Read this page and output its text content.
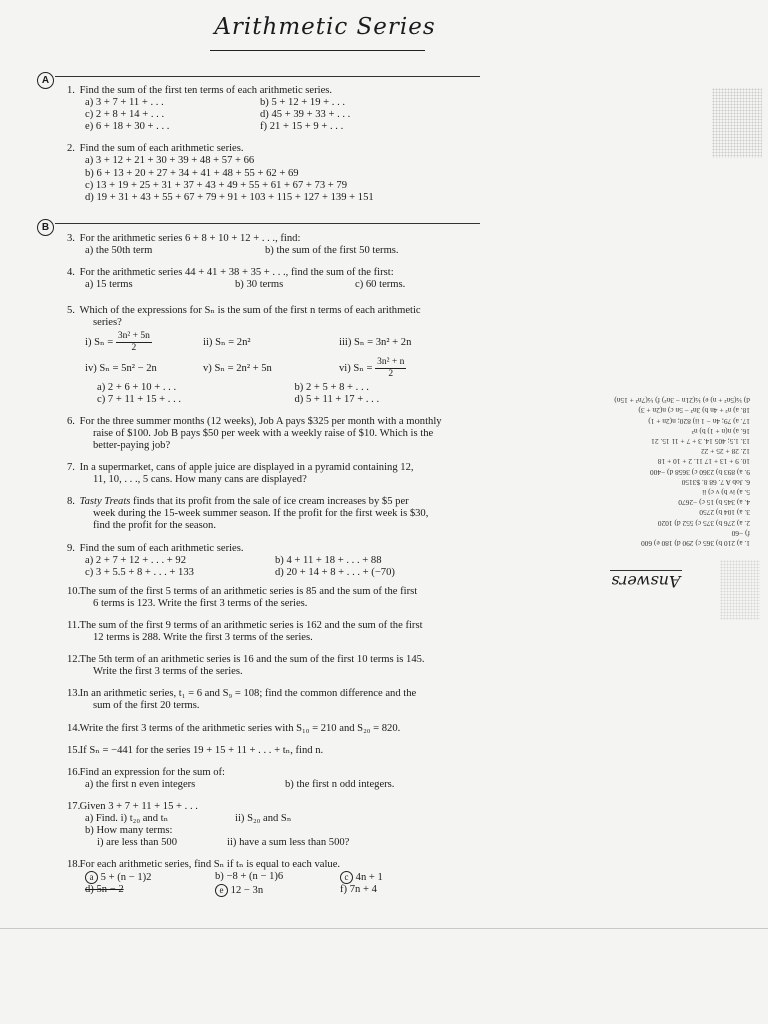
Arithmetic Series
A
1. Find the sum of the first ten terms of each arithmetic series.
a) 3 + 7 + 11 + . . .	b) 5 + 12 + 19 + . . .
c) 2 + 8 + 14 + . . .	d) 45 + 39 + 33 + . . .
e) 6 + 18 + 30 + . . .	f) 21 + 15 + 9 + . . .
2. Find the sum of each arithmetic series.
a) 3 + 12 + 21 + 30 + 39 + 48 + 57 + 66
b) 6 + 13 + 20 + 27 + 34 + 41 + 48 + 55 + 62 + 69
c) 13 + 19 + 25 + 31 + 37 + 43 + 49 + 55 + 61 + 67 + 73 + 79
d) 19 + 31 + 43 + 55 + 67 + 79 + 91 + 103 + 115 + 127 + 139 + 151
B
3. For the arithmetic series 6 + 8 + 10 + 12 + . . ., find:
a) the 50th term	b) the sum of the first 50 terms.
4. For the arithmetic series 44 + 41 + 38 + 35 + . . ., find the sum of the first:
a) 15 terms	b) 30 terms	c) 60 terms.
5. Which of the expressions for Sₙ is the sum of the first n terms of each arithmetic
series?
i) $S_n = \frac{\text{3n² + 5n}}{2}$	ii) Sₙ = 2n²	iii) Sₙ = 3n² + 2n
iv) Sₙ = 5n² − 2n	v) Sₙ = 2n² + 5n	vi) $S_n = \frac{\text{3n² + n}}{2}$
a) 2 + 6 + 10 + . . .	b) 2 + 5 + 8 + . . .
c) 7 + 11 + 15 + . . .	d) 5 + 11 + 17 + . . .
6. For the three summer months (12 weeks), Job A pays $325 per month with a monthly
raise of $100. Job B pays $50 per week with a weekly raise of $10. Which is the
better-paying job?
7. In a supermarket, cans of apple juice are displayed in a pyramid containing 12,
11, 10, . . ., 5 cans. How many cans are displayed?
8. Tasty Treats finds that its profit from the sale of ice cream increases by $5 per
week during the 15-week summer season. If the profit for the first week is $30,
find the profit for the season.
9. Find the sum of each arithmetic series.
a) 2 + 7 + 12 + . . . + 92	b) 4 + 11 + 18 + . . . + 88
c) 3 + 5.5 + 8 + . . . + 133	d) 20 + 14 + 8 + . . . + (−70)
10. The sum of the first 5 terms of an arithmetic series is 85 and the sum of the first
6 terms is 123. Write the first 3 terms of the series.
11. The sum of the first 9 terms of an arithmetic series is 162 and the sum of the first
12 terms is 288. Write the first 3 terms of the series.
12. The 5th term of an arithmetic series is 16 and the sum of the first 10 terms is 145.
Write the first 3 terms of the series.
13. In an arithmetic series, t₁ = 6 and S₉ = 108; find the common difference and the
sum of the first 20 terms.
14. Write the first 3 terms of the arithmetic series with S₁₀ = 210 and S₂₀ = 820.
15. If Sₙ = −441 for the series 19 + 15 + 11 + . . . + tₙ, find n.
16. Find an expression for the sum of:
a) the first n even integers	b) the first n odd integers.
17. Given 3 + 7 + 11 + 15 + . . .
a) Find. i) t₂₀ and tₙ	ii) S₂₀ and Sₙ
b) How many terms:
i) are less than 500	ii) have a sum less than 500?
18. For each arithmetic series, find Sₙ if tₙ is equal to each value.
a 5 + (n − 1)2	b) −8 + (n − 1)6	c 4n + 1
d) 5n − 2	e 12 − 3n	f) 7n + 4
1. a) 210 b) 365 c) 290 d) 180 e) 600
f) −60
2. a) 276 b) 375 c) 552 d) 1020
3. a) 104 b) 2750
4. a) 345 b) 15 c) −2670
5. a) iv b) v c) ii
6. Job A 7. 68 8. $3150
9. a) 893 b) 2360 c) 3658 d) −400
10. 9 + 13 + 17 11. 2 + 10 + 18
12. 28 + 25 + 22
13. 1.5; 405 14. 3 + 7 + 11 15. 21
16. a) n(n + 1) b) n²
17. a) 79; 4n − 1 ii) 820; n(2n + 1)
18. a) n² + 4n b) 3n² − 5n c) n(2n + 3)
d) ½(5n² + n) e) ½(21n − 3n²) f) ½(7n² + 15n)
Answers
